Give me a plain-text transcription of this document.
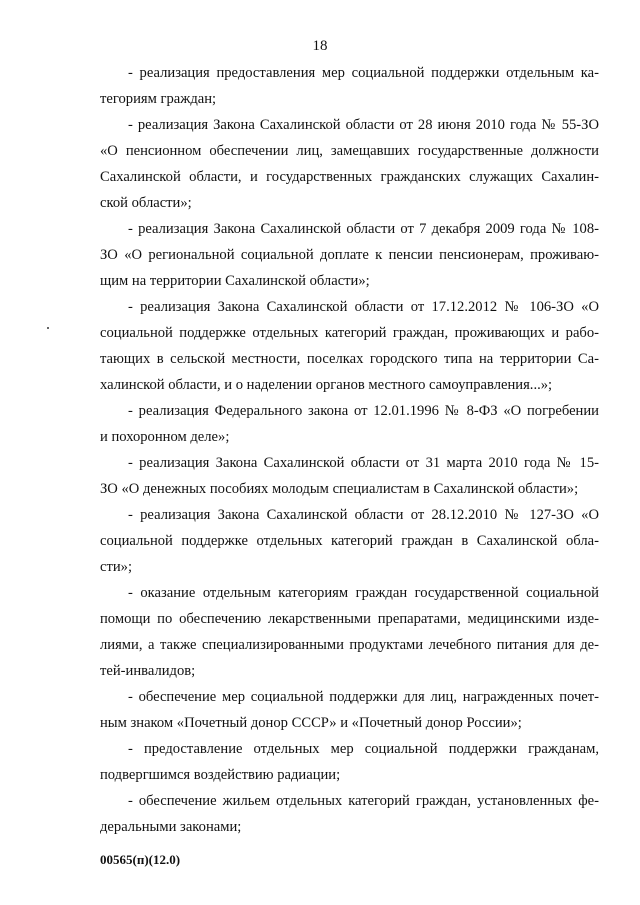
18
- реализация предоставления мер социальной поддержки отдельным ка-
тегориям граждан;
- реализация Закона Сахалинской области от 28 июня 2010 года № 55-ЗО
«О пенсионном обеспечении лиц, замещавших государственные должности
Сахалинской области, и государственных гражданских служащих Сахалин-
ской области»;
- реализация Закона Сахалинской области от 7 декабря 2009 года № 108-
ЗО «О региональной социальной доплате к пенсии пенсионерам, проживаю-
щим на территории Сахалинской области»;
- реализация Закона Сахалинской области от 17.12.2012 № 106-ЗО «О
социальной поддержке отдельных категорий граждан, проживающих и рабо-
тающих в сельской местности, поселках городского типа на территории Са-
халинской области, и о наделении органов местного самоуправления...»;
- реализация Федерального закона от 12.01.1996 № 8-ФЗ «О погребении
и похоронном деле»;
- реализация Закона Сахалинской области от 31 марта 2010 года № 15-
ЗО «О денежных пособиях молодым специалистам в Сахалинской области»;
- реализация Закона Сахалинской области от 28.12.2010 № 127-ЗО «О
социальной поддержке отдельных категорий граждан в Сахалинской обла-
сти»;
- оказание отдельным категориям граждан государственной социальной
помощи по обеспечению лекарственными препаратами, медицинскими изде-
лиями, а также специализированными продуктами лечебного питания для де-
тей-инвалидов;
- обеспечение мер социальной поддержки для лиц, награжденных почет-
ным знаком «Почетный донор СССР» и «Почетный донор России»;
- предоставление отдельных мер социальной поддержки гражданам,
подвергшимся воздействию радиации;
- обеспечение жильем отдельных категорий граждан, установленных фе-
деральными законами;
00565(п)(12.0)
